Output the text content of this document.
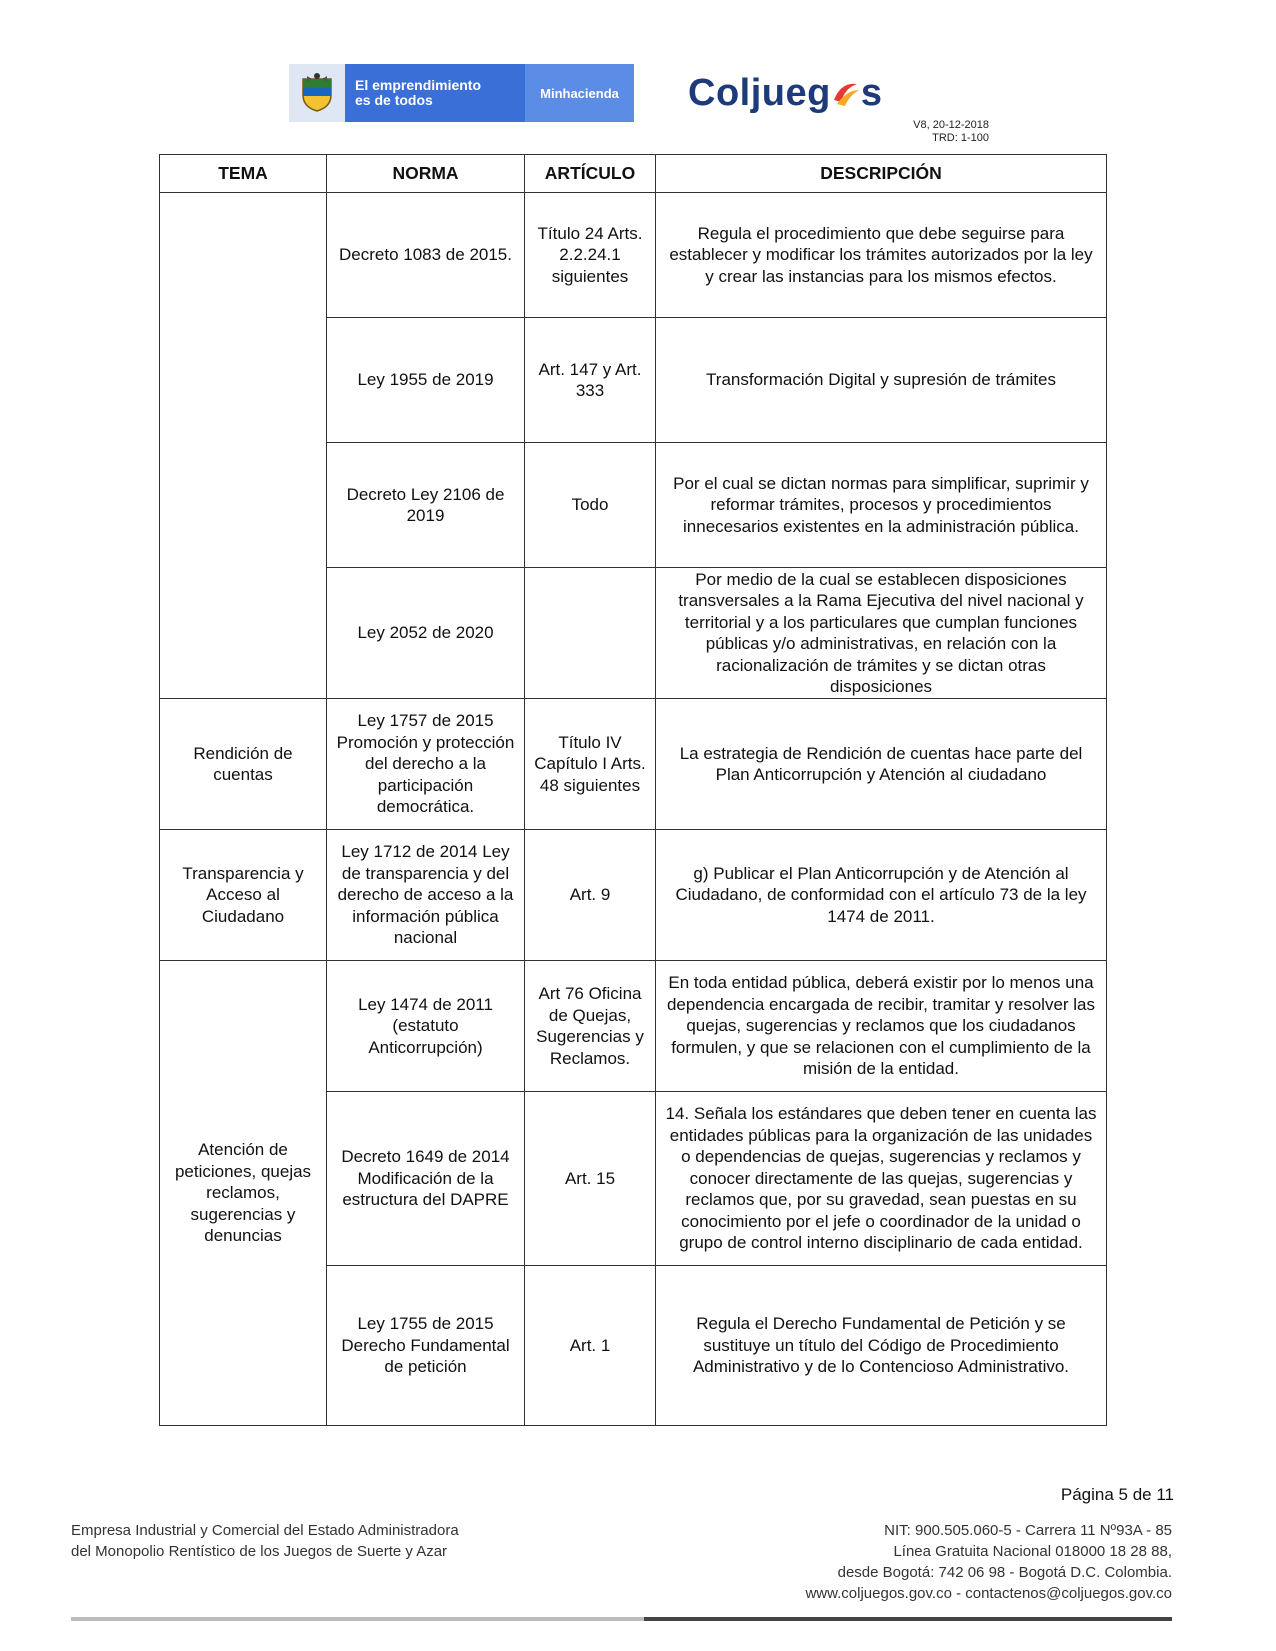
El emprendimiento
es de todos	Minhacienda	Coljueg s
V8, 20-12-2018
TRD: 1-100
TEMA	NORMA	ARTÍCULO	DESCRIPCIÓN
	Decreto 1083 de 2015.	Título 24 Arts. 2.2.24.1 siguientes	Regula el procedimiento que debe seguirse para establecer y modificar los trámites autorizados por la ley y crear las instancias para los mismos efectos.
	Ley 1955 de 2019	Art. 147 y Art. 333	Transformación Digital y supresión de trámites
	Decreto Ley 2106 de 2019	Todo	Por el cual se dictan normas para simplificar, suprimir y reformar trámites, procesos y procedimientos innecesarios existentes en la administración pública.
	Ley 2052 de 2020		Por medio de la cual se establecen disposiciones transversales a la Rama Ejecutiva del nivel nacional y territorial y a los particulares que cumplan funciones públicas y/o administrativas, en relación con la racionalización de trámites y se dictan otras disposiciones
Rendición de cuentas	Ley 1757 de 2015 Promoción y protección del derecho a la participación democrática.	Título IV Capítulo I Arts. 48 siguientes	La estrategia de Rendición de cuentas hace parte del Plan Anticorrupción y Atención al ciudadano
Transparencia y Acceso al Ciudadano	Ley 1712 de 2014 Ley de transparencia y del derecho de acceso a la información pública nacional	Art. 9	g) Publicar el Plan Anticorrupción y de Atención al Ciudadano, de conformidad con el artículo 73 de la ley 1474 de 2011.
Atención de peticiones, quejas reclamos, sugerencias y denuncias	Ley 1474 de 2011 (estatuto Anticorrupción)	Art 76 Oficina de Quejas, Sugerencias y Reclamos.	En toda entidad pública, deberá existir por lo menos una dependencia encargada de recibir, tramitar y resolver las quejas, sugerencias y reclamos que los ciudadanos formulen, y que se relacionen con el cumplimiento de la misión de la entidad.
	Decreto 1649 de 2014 Modificación de la estructura del DAPRE	Art. 15	14. Señala los estándares que deben tener en cuenta las entidades públicas para la organización de las unidades o dependencias de quejas, sugerencias y reclamos y conocer directamente de las quejas, sugerencias y reclamos que, por su gravedad, sean puestas en su conocimiento por el jefe o coordinador de la unidad o grupo de control interno disciplinario de cada entidad.
	Ley 1755 de 2015 Derecho Fundamental de petición	Art. 1	Regula el Derecho Fundamental de Petición y se sustituye un título del Código de Procedimiento Administrativo y de lo Contencioso Administrativo.
Página 5 de 11
Empresa Industrial y Comercial del Estado Administradora
del Monopolio Rentístico de los Juegos de Suerte y Azar
NIT: 900.505.060-5 - Carrera 11 Nº93A - 85
Línea Gratuita Nacional 018000 18 28 88,
desde Bogotá: 742 06 98 - Bogotá D.C. Colombia.
www.coljuegos.gov.co - contactenos@coljuegos.gov.co
